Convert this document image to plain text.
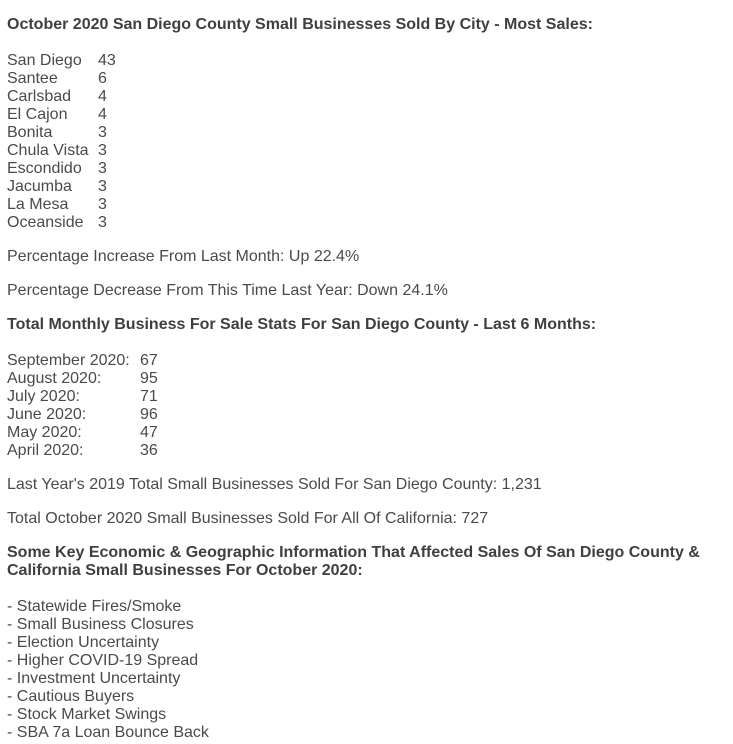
October 2020 San Diego County Small Businesses Sold By City - Most Sales:

San Diego	43
Santee	6
Carlsbad	4
El Cajon	4
Bonita	3
Chula Vista	3
Escondido	3
Jacumba	3
La Mesa	3
Oceanside	3

Percentage Increase From Last Month: Up 22.4%

Percentage Decrease From This Time Last Year: Down 24.1%

Total Monthly Business For Sale Stats For San Diego County - Last 6 Months:

September 2020:	67
August 2020:	95
July 2020:	71
June 2020:	96
May 2020:	47
April 2020:	36

Last Year's 2019 Total Small Businesses Sold For San Diego County: 1,231

Total October 2020 Small Businesses Sold For All Of California: 727

Some Key Economic & Geographic Information That Affected Sales Of San Diego County &
California Small Businesses For October 2020:
- Statewide Fires/Smoke
- Small Business Closures
- Election Uncertainty
- Higher COVID-19 Spread
- Investment Uncertainty
- Cautious Buyers
- Stock Market Swings
- SBA 7a Loan Bounce Back
